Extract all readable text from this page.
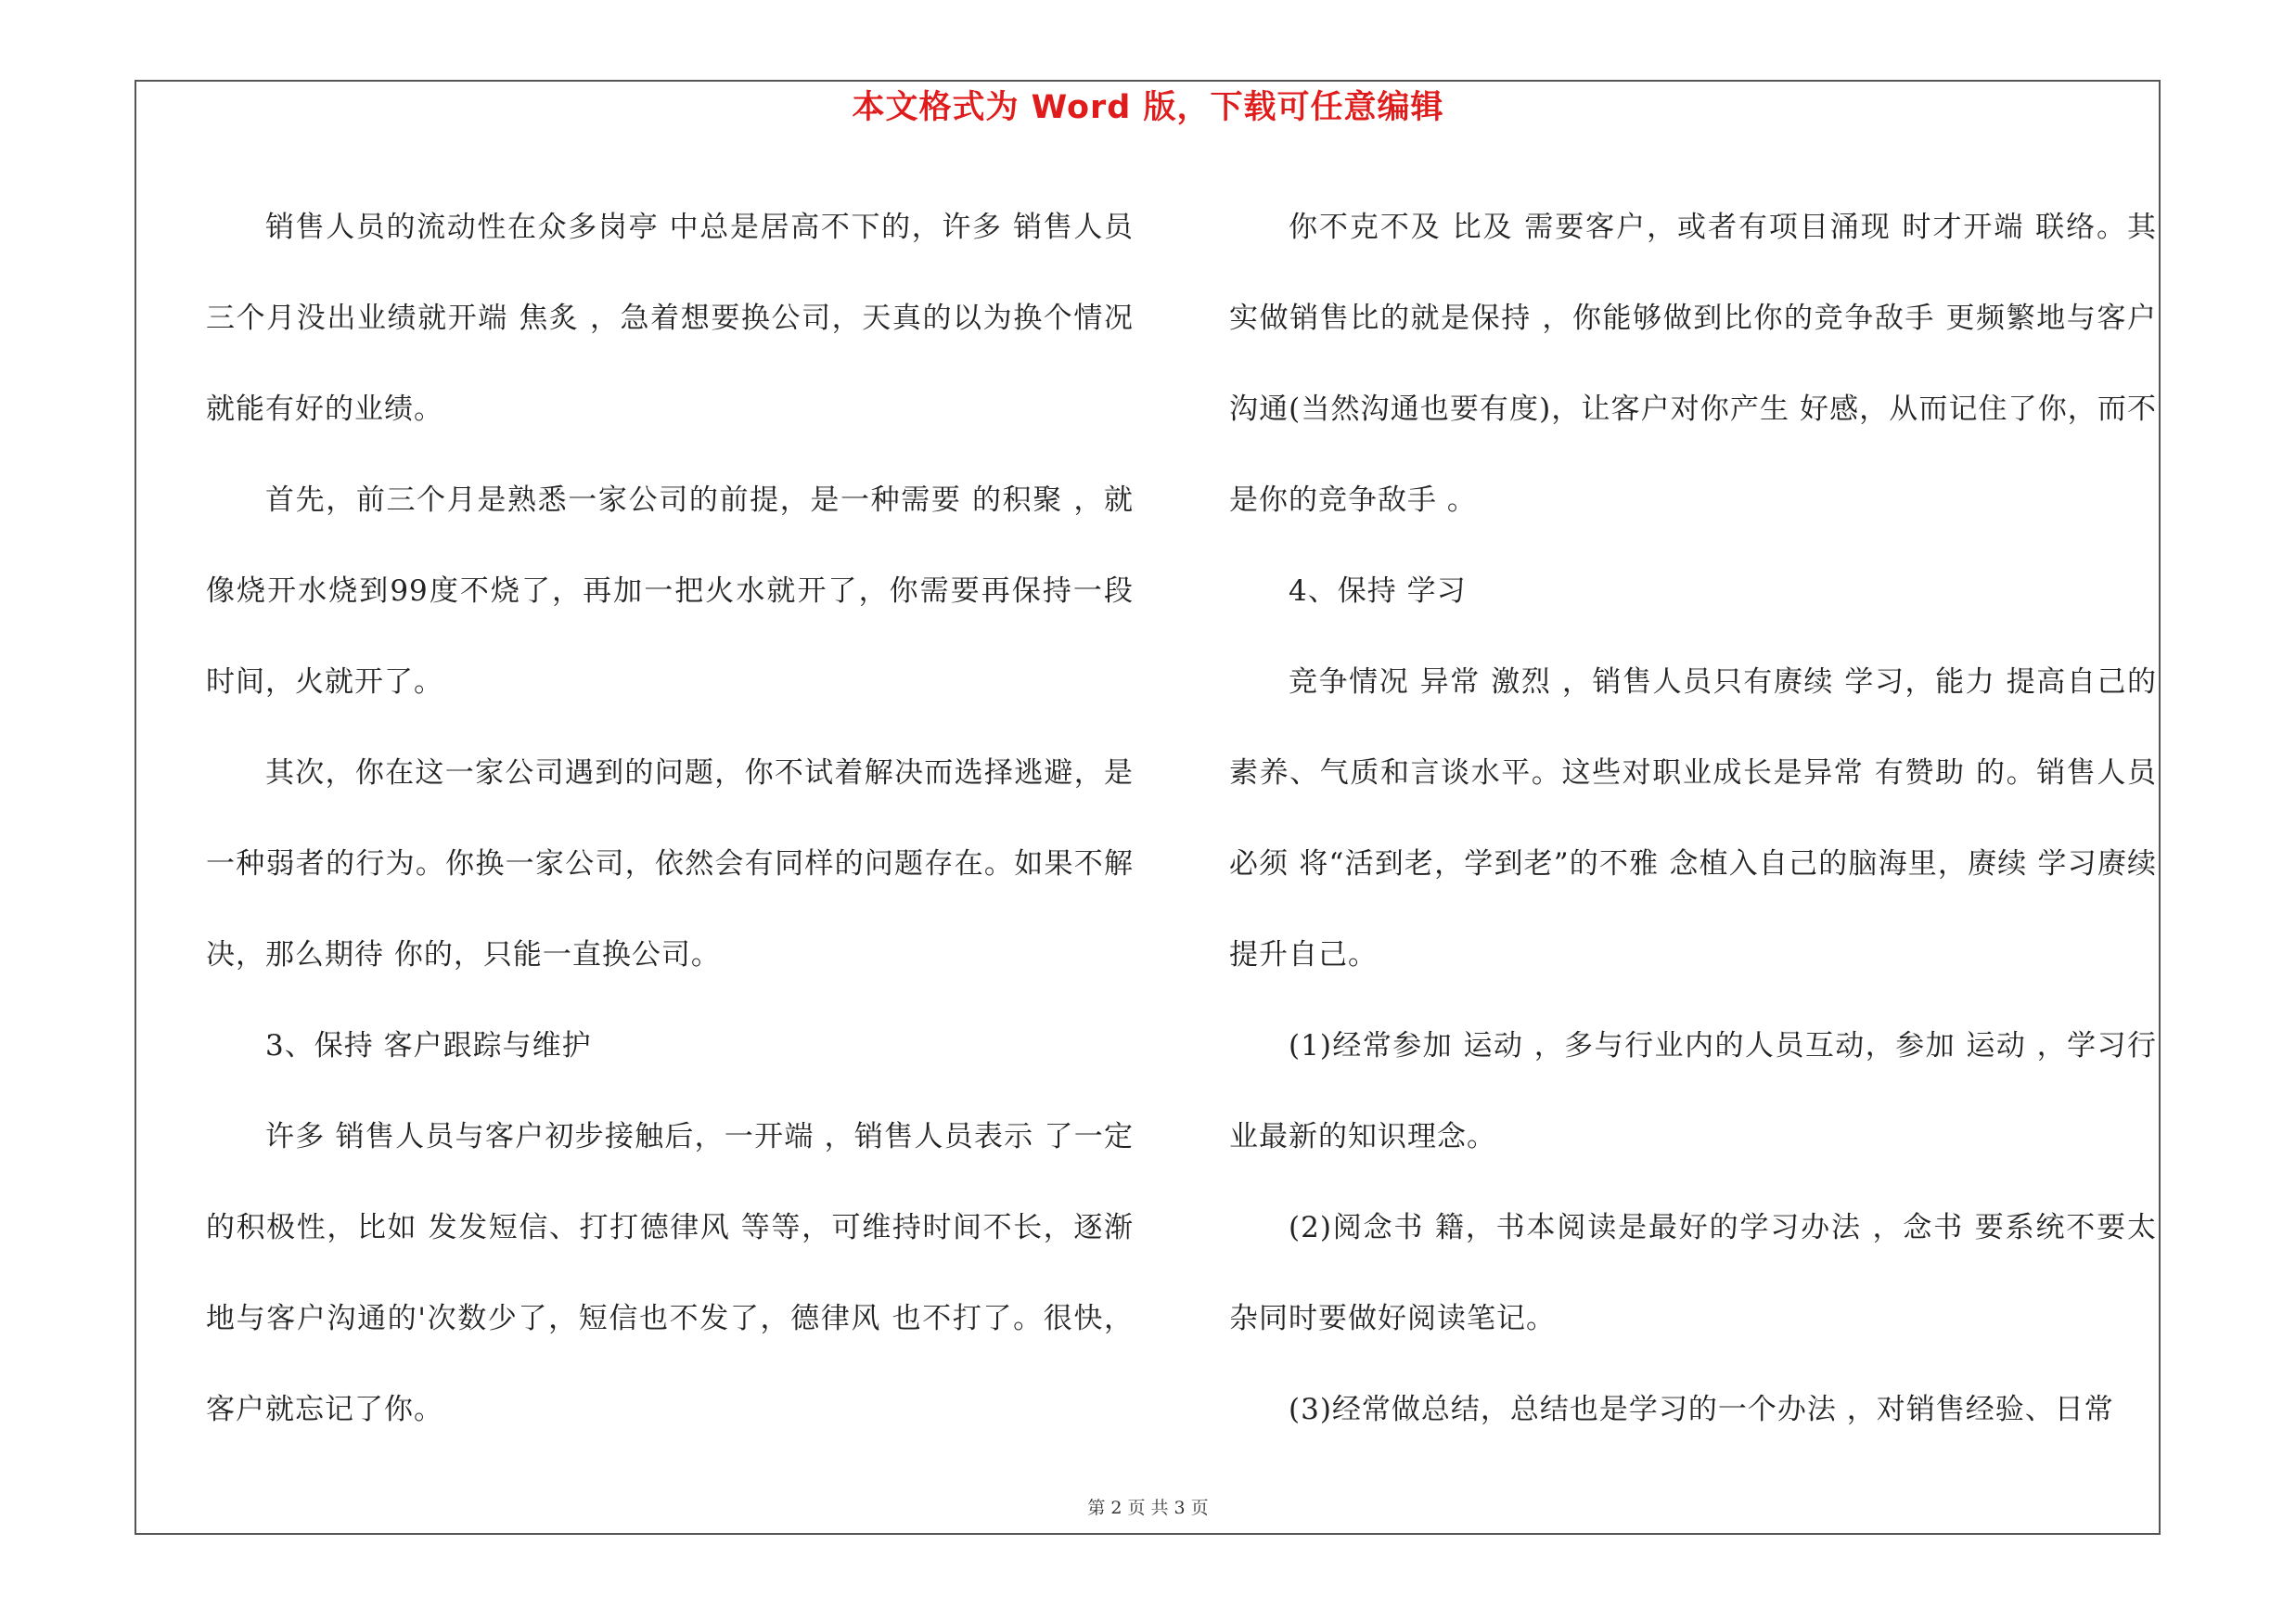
本文格式为 Word 版，下载可任意编辑

销售人员的流动性在众多岗亭 中总是居高不下的，许多 销售人员三个月没出业绩就开端 焦炙 ，急着想要换公司，天真的以为换个情况 就能有好的业绩。

首先，前三个月是熟悉一家公司的前提，是一种需要 的积聚 ，就像烧开水烧到99度不烧了，再加一把火水就开了，你需要再保持一段时间，火就开了。

其次，你在这一家公司遇到的问题，你不试着解决而选择逃避，是一种弱者的行为。你换一家公司，依然会有同样的问题存在。如果不解决，那么期待 你的，只能一直换公司。

3、保持 客户跟踪与维护

许多 销售人员与客户初步接触后，一开端 ，销售人员表示 了一定的积极性，比如 发发短信、打打德律风 等等，可维持时间不长，逐渐 地与客户沟通的'次数少了，短信也不发了，德律风 也不打了。很快，客户就忘记了你。

你不克不及 比及 需要客户，或者有项目涌现 时才开端 联络。其实做销售比的就是保持 ，你能够做到比你的竞争敌手 更频繁地与客户沟通(当然沟通也要有度)，让客户对你产生 好感，从而记住了你，而不是你的竞争敌手 。

4、保持 学习

竞争情况 异常 激烈 ，销售人员只有赓续 学习，能力 提高自己的素养、气质和言谈水平。这些对职业成长是异常 有赞助 的。销售人员必须 将“活到老，学到老”的不雅 念植入自己的脑海里，赓续 学习赓续 提升自己。

(1)经常参加 运动 ，多与行业内的人员互动，参加 运动 ，学习行业最新的知识理念。

(2)阅念书 籍，书本阅读是最好的学习办法 ，念书 要系统不要太杂同时要做好阅读笔记。

(3)经常做总结，总结也是学习的一个办法 ，对销售经验、日常

第 2 页 共 3 页
